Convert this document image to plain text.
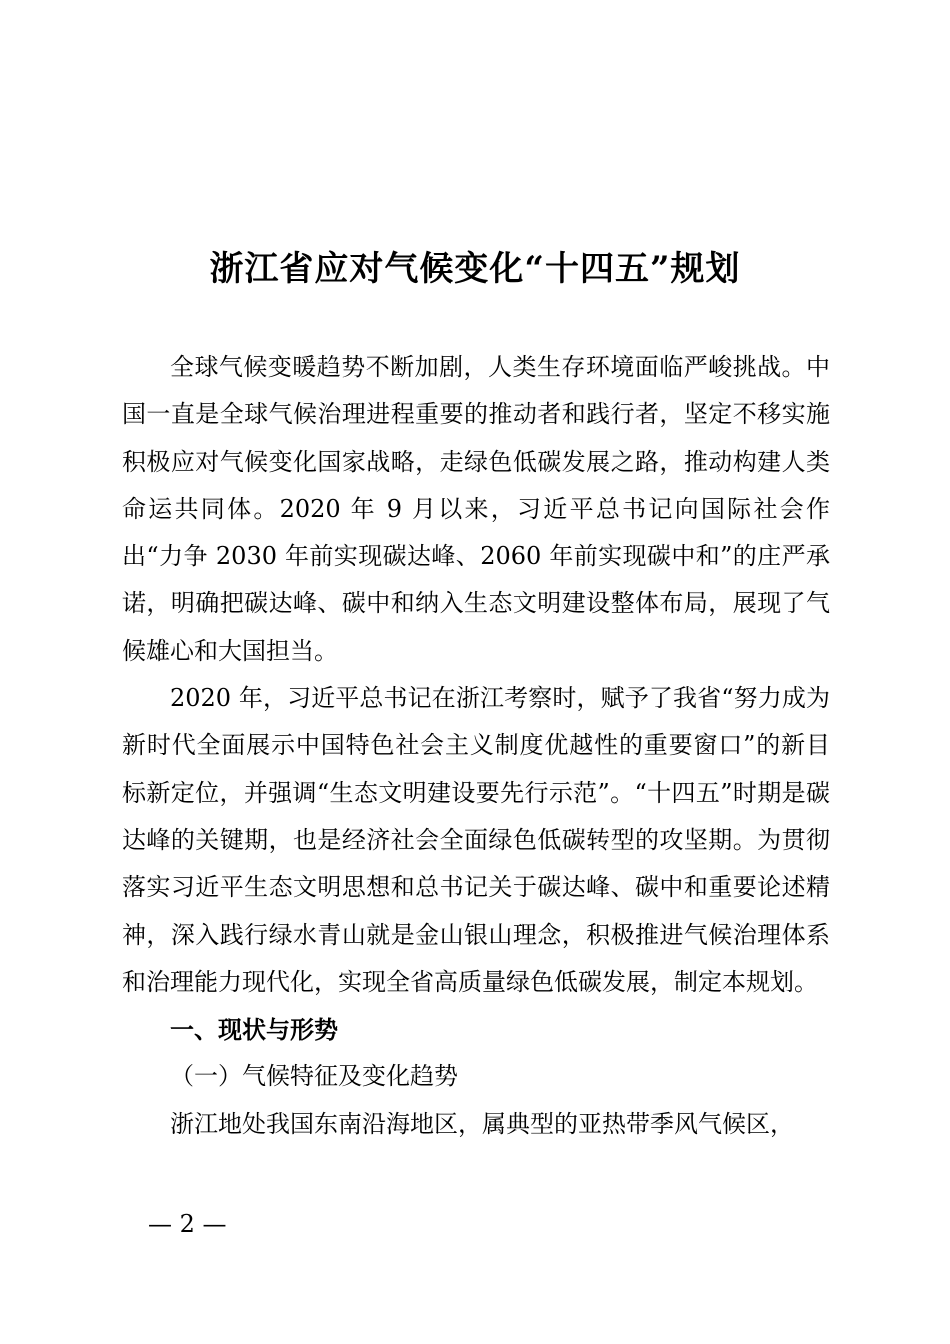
浙江省应对气候变化“十四五”规划

全球气候变暖趋势不断加剧，人类生存环境面临严峻挑战。中国一直是全球气候治理进程重要的推动者和践行者，坚定不移实施积极应对气候变化国家战略，走绿色低碳发展之路，推动构建人类命运共同体。2020 年 9 月以来，习近平总书记向国际社会作出“力争 2030 年前实现碳达峰、2060 年前实现碳中和”的庄严承诺，明确把碳达峰、碳中和纳入生态文明建设整体布局，展现了气候雄心和大国担当。

2020 年，习近平总书记在浙江考察时，赋予了我省“努力成为新时代全面展示中国特色社会主义制度优越性的重要窗口”的新目标新定位，并强调“生态文明建设要先行示范”。“十四五”时期是碳达峰的关键期，也是经济社会全面绿色低碳转型的攻坚期。为贯彻落实习近平生态文明思想和总书记关于碳达峰、碳中和重要论述精神，深入践行绿水青山就是金山银山理念，积极推进气候治理体系和治理能力现代化，实现全省高质量绿色低碳发展，制定本规划。

一、现状与形势

（一）气候特征及变化趋势

浙江地处我国东南沿海地区，属典型的亚热带季风气候区，

— 2 —
